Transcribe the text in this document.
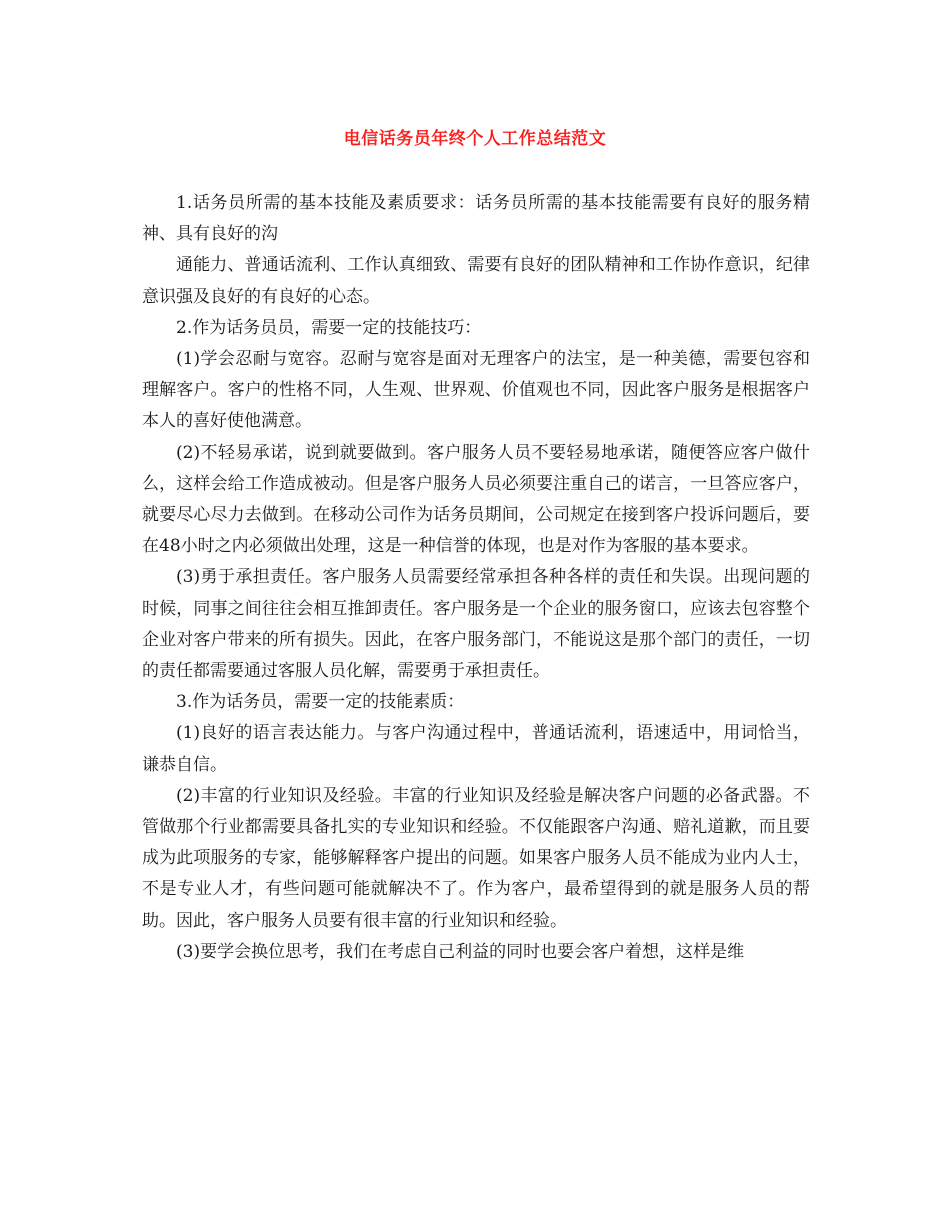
电信话务员年终个人工作总结范文

1.话务员所需的基本技能及素质要求：话务员所需的基本技能需要有良好的服务精神、具有良好的沟

通能力、普通话流利、工作认真细致、需要有良好的团队精神和工作协作意识，纪律意识强及良好的有良好的心态。

2.作为话务员员，需要一定的技能技巧：

(1)学会忍耐与宽容。忍耐与宽容是面对无理客户的法宝，是一种美德，需要包容和理解客户。客户的性格不同，人生观、世界观、价值观也不同，因此客户服务是根据客户本人的喜好使他满意。

(2)不轻易承诺，说到就要做到。客户服务人员不要轻易地承诺，随便答应客户做什么，这样会给工作造成被动。但是客户服务人员必须要注重自己的诺言，一旦答应客户，就要尽心尽力去做到。在移动公司作为话务员期间，公司规定在接到客户投诉问题后，要在48小时之内必须做出处理，这是一种信誉的体现，也是对作为客服的基本要求。

(3)勇于承担责任。客户服务人员需要经常承担各种各样的责任和失误。出现问题的时候，同事之间往往会相互推卸责任。客户服务是一个企业的服务窗口，应该去包容整个企业对客户带来的所有损失。因此，在客户服务部门，不能说这是那个部门的责任，一切的责任都需要通过客服人员化解，需要勇于承担责任。

3.作为话务员，需要一定的技能素质：

(1)良好的语言表达能力。与客户沟通过程中，普通话流利，语速适中，用词恰当，谦恭自信。

(2)丰富的行业知识及经验。丰富的行业知识及经验是解决客户问题的必备武器。不管做那个行业都需要具备扎实的专业知识和经验。不仅能跟客户沟通、赔礼道歉，而且要成为此项服务的专家，能够解释客户提出的问题。如果客户服务人员不能成为业内人士，不是专业人才，有些问题可能就解决不了。作为客户，最希望得到的就是服务人员的帮助。因此，客户服务人员要有很丰富的行业知识和经验。

(3)要学会换位思考，我们在考虑自己利益的同时也要会客户着想，这样是维
